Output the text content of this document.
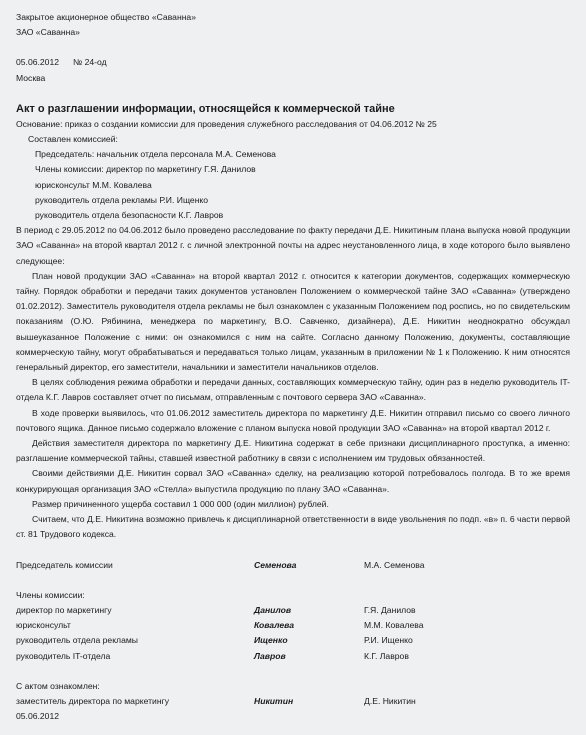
Закрытое акционерное общество «Саванна»
ЗАО «Саванна»
05.06.2012 № 24-од
Москва
Акт о разглашении информации, относящейся к коммерческой тайне
Основание: приказ о создании комиссии для проведения служебного расследования от 04.06.2012 № 25
Составлен комиссией:
Председатель: начальник отдела персонала М.А. Семенова
Члены комиссии: директор по маркетингу Г.Я. Данилов
юрисконсульт М.М. Ковалева
руководитель отдела рекламы Р.И. Ищенко
руководитель отдела безопасности К.Г. Лавров
В период с 29.05.2012 по 04.06.2012 было проведено расследование по факту передачи Д.Е. Никитиным плана выпуска новой продукции ЗАО «Саванна» на второй квартал 2012 г. с личной электронной почты на адрес неустановленного лица, в ходе которого было выявлено следующее:
План новой продукции ЗАО «Саванна» на второй квартал 2012 г. относится к категории документов, содержащих коммерческую тайну. Порядок обработки и передачи таких документов установлен Положением о коммерческой тайне ЗАО «Саванна» (утверждено 01.02.2012). Заместитель руководителя отдела рекламы не был ознакомлен с указанным Положением под роспись, но по свидетельским показаниям (О.Ю. Рябинина, менеджера по маркетингу, В.О. Савченко, дизайнера), Д.Е. Никитин неоднократно обсуждал вышеуказанное Положение с ними: он ознакомился с ним на сайте. Согласно данному Положению, документы, составляющие коммерческую тайну, могут обрабатываться и передаваться только лицам, указанным в приложении № 1 к Положению. К ним относятся генеральный директор, его заместители, начальники и заместители начальников отделов.
В целях соблюдения режима обработки и передачи данных, составляющих коммерческую тайну, один раз в неделю руководитель IT-отдела К.Г. Лавров составляет отчет по письмам, отправленным с почтового сервера ЗАО «Саванна».
В ходе проверки выявилось, что 01.06.2012 заместитель директора по маркетингу Д.Е. Никитин отправил письмо со своего личного почтового ящика. Данное письмо содержало вложение с планом выпуска новой продукции ЗАО «Саванна» на второй квартал 2012 г.
Действия заместителя директора по маркетингу Д.Е. Никитина содержат в себе признаки дисциплинарного проступка, а именно: разглашение коммерческой тайны, ставшей известной работнику в связи с исполнением им трудовых обязанностей.
Своими действиями Д.Е. Никитин сорвал ЗАО «Саванна» сделку, на реализацию которой потребовалось полгода. В то же время конкурирующая организация ЗАО «Стелла» выпустила продукцию по плану ЗАО «Саванна».
Размер причиненного ущерба составил 1 000 000 (один миллион) рублей.
Считаем, что Д.Е. Никитина возможно привлечь к дисциплинарной ответственности в виде увольнения по подп. «в» п. 6 части первой ст. 81 Трудового кодекса.
Председатель комиссии	Семенова	М.А. Семенова
Члены комиссии:
директор по маркетингу	Данилов	Г.Я. Данилов
юрисконсульт	Ковалева	М.М. Ковалева
руководитель отдела рекламы	Ищенко	Р.И. Ищенко
руководитель IT-отдела	Лавров	К.Г. Лавров
С актом ознакомлен:
заместитель директора по маркетингу	Никитин	Д.Е. Никитин
05.06.2012
